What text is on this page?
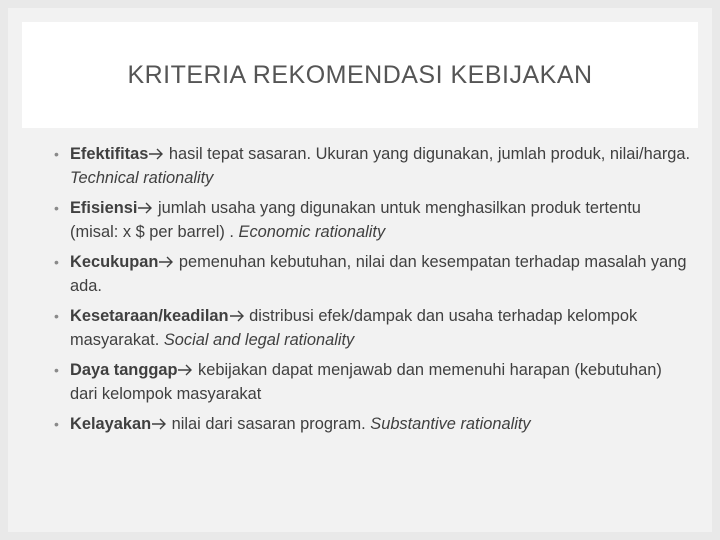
KRITERIA REKOMENDASI KEBIJAKAN
• Efektifitas hasil tepat sasaran. Ukuran yang digunakan, jumlah produk, nilai/harga. Technical rationality
• Efisiensi jumlah usaha yang digunakan untuk menghasilkan produk tertentu (misal: x $ per barrel) . Economic rationality
• Kecukupan pemenuhan kebutuhan, nilai dan kesempatan terhadap masalah yang ada.
• Kesetaraan/keadilan distribusi efek/dampak dan usaha terhadap kelompok masyarakat. Social and legal rationality
• Daya tanggap kebijakan dapat menjawab dan memenuhi harapan (kebutuhan) dari kelompok masyarakat
• Kelayakan nilai dari sasaran program. Substantive rationality
